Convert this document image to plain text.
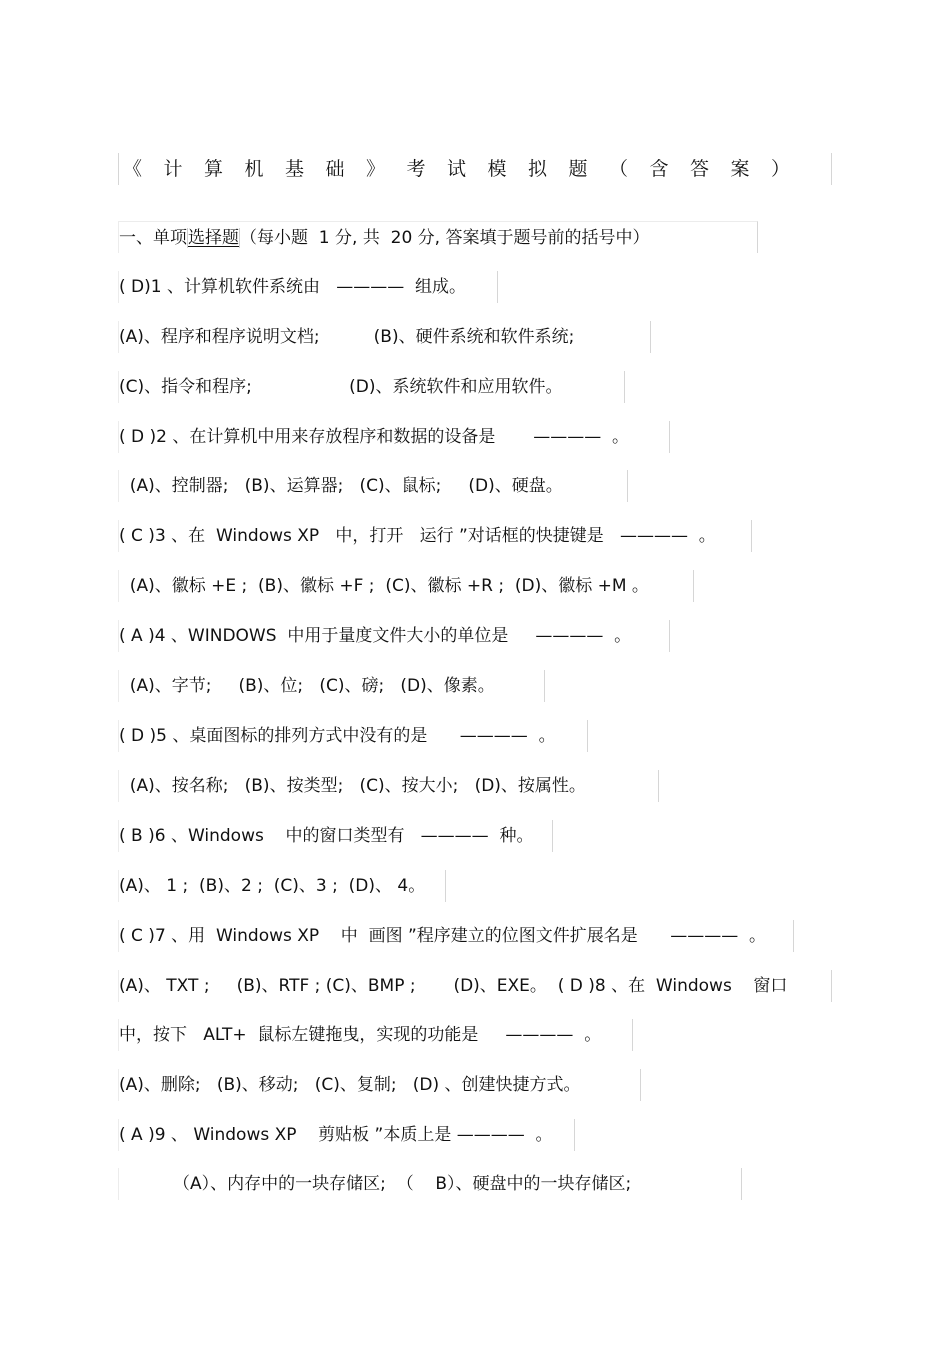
《计算机基础》考试模拟题（含答案）
一、单项选择题（每小题  1 分, 共  20 分, 答案填于题号前的括号中）
( D)1 、计算机软件系统由   ————  组成。
(A)、程序和程序说明文档;          (B)、硬件系统和软件系统;
(C)、指令和程序;                  (D)、系统软件和应用软件。
( D )2 、在计算机中用来存放程序和数据的设备是       ————  。
(A)、控制器;   (B)、运算器;   (C)、鼠标;     (D)、硬盘。
( C )3 、在  Windows XP   中，打开   运行 ”对话框的快捷键是   ————  。
(A)、徽标 +E ;  (B)、徽标 +F ;  (C)、徽标 +R ;  (D)、徽标 +M 。
( A )4 、WINDOWS  中用于量度文件大小的单位是     ————  。
(A)、字节;     (B)、位;   (C)、磅;   (D)、像素。
( D )5 、桌面图标的排列方式中没有的是      ————  。
(A)、按名称;   (B)、按类型;   (C)、按大小;   (D)、按属性。
( B )6 、Windows    中的窗口类型有   ————  种。
(A)、 1 ;  (B)、2 ;  (C)、3 ;  (D)、 4。
( C )7 、用  Windows XP    中  画图 ”程序建立的位图文件扩展名是      ————  。
(A)、 TXT ;     (B)、RTF ; (C)、BMP ;       (D)、EXE。  ( D )8 、在  Windows    窗口
中，按下   ALT+  鼠标左键拖曳，实现的功能是     ————  。
(A)、删除;   (B)、移动;   (C)、复制;   (D) 、创建快捷方式。
( A )9 、 Windows XP    剪贴板 ”本质上是 ————  。
（A）、内存中的一块存储区;  （    B）、硬盘中的一块存储区;
